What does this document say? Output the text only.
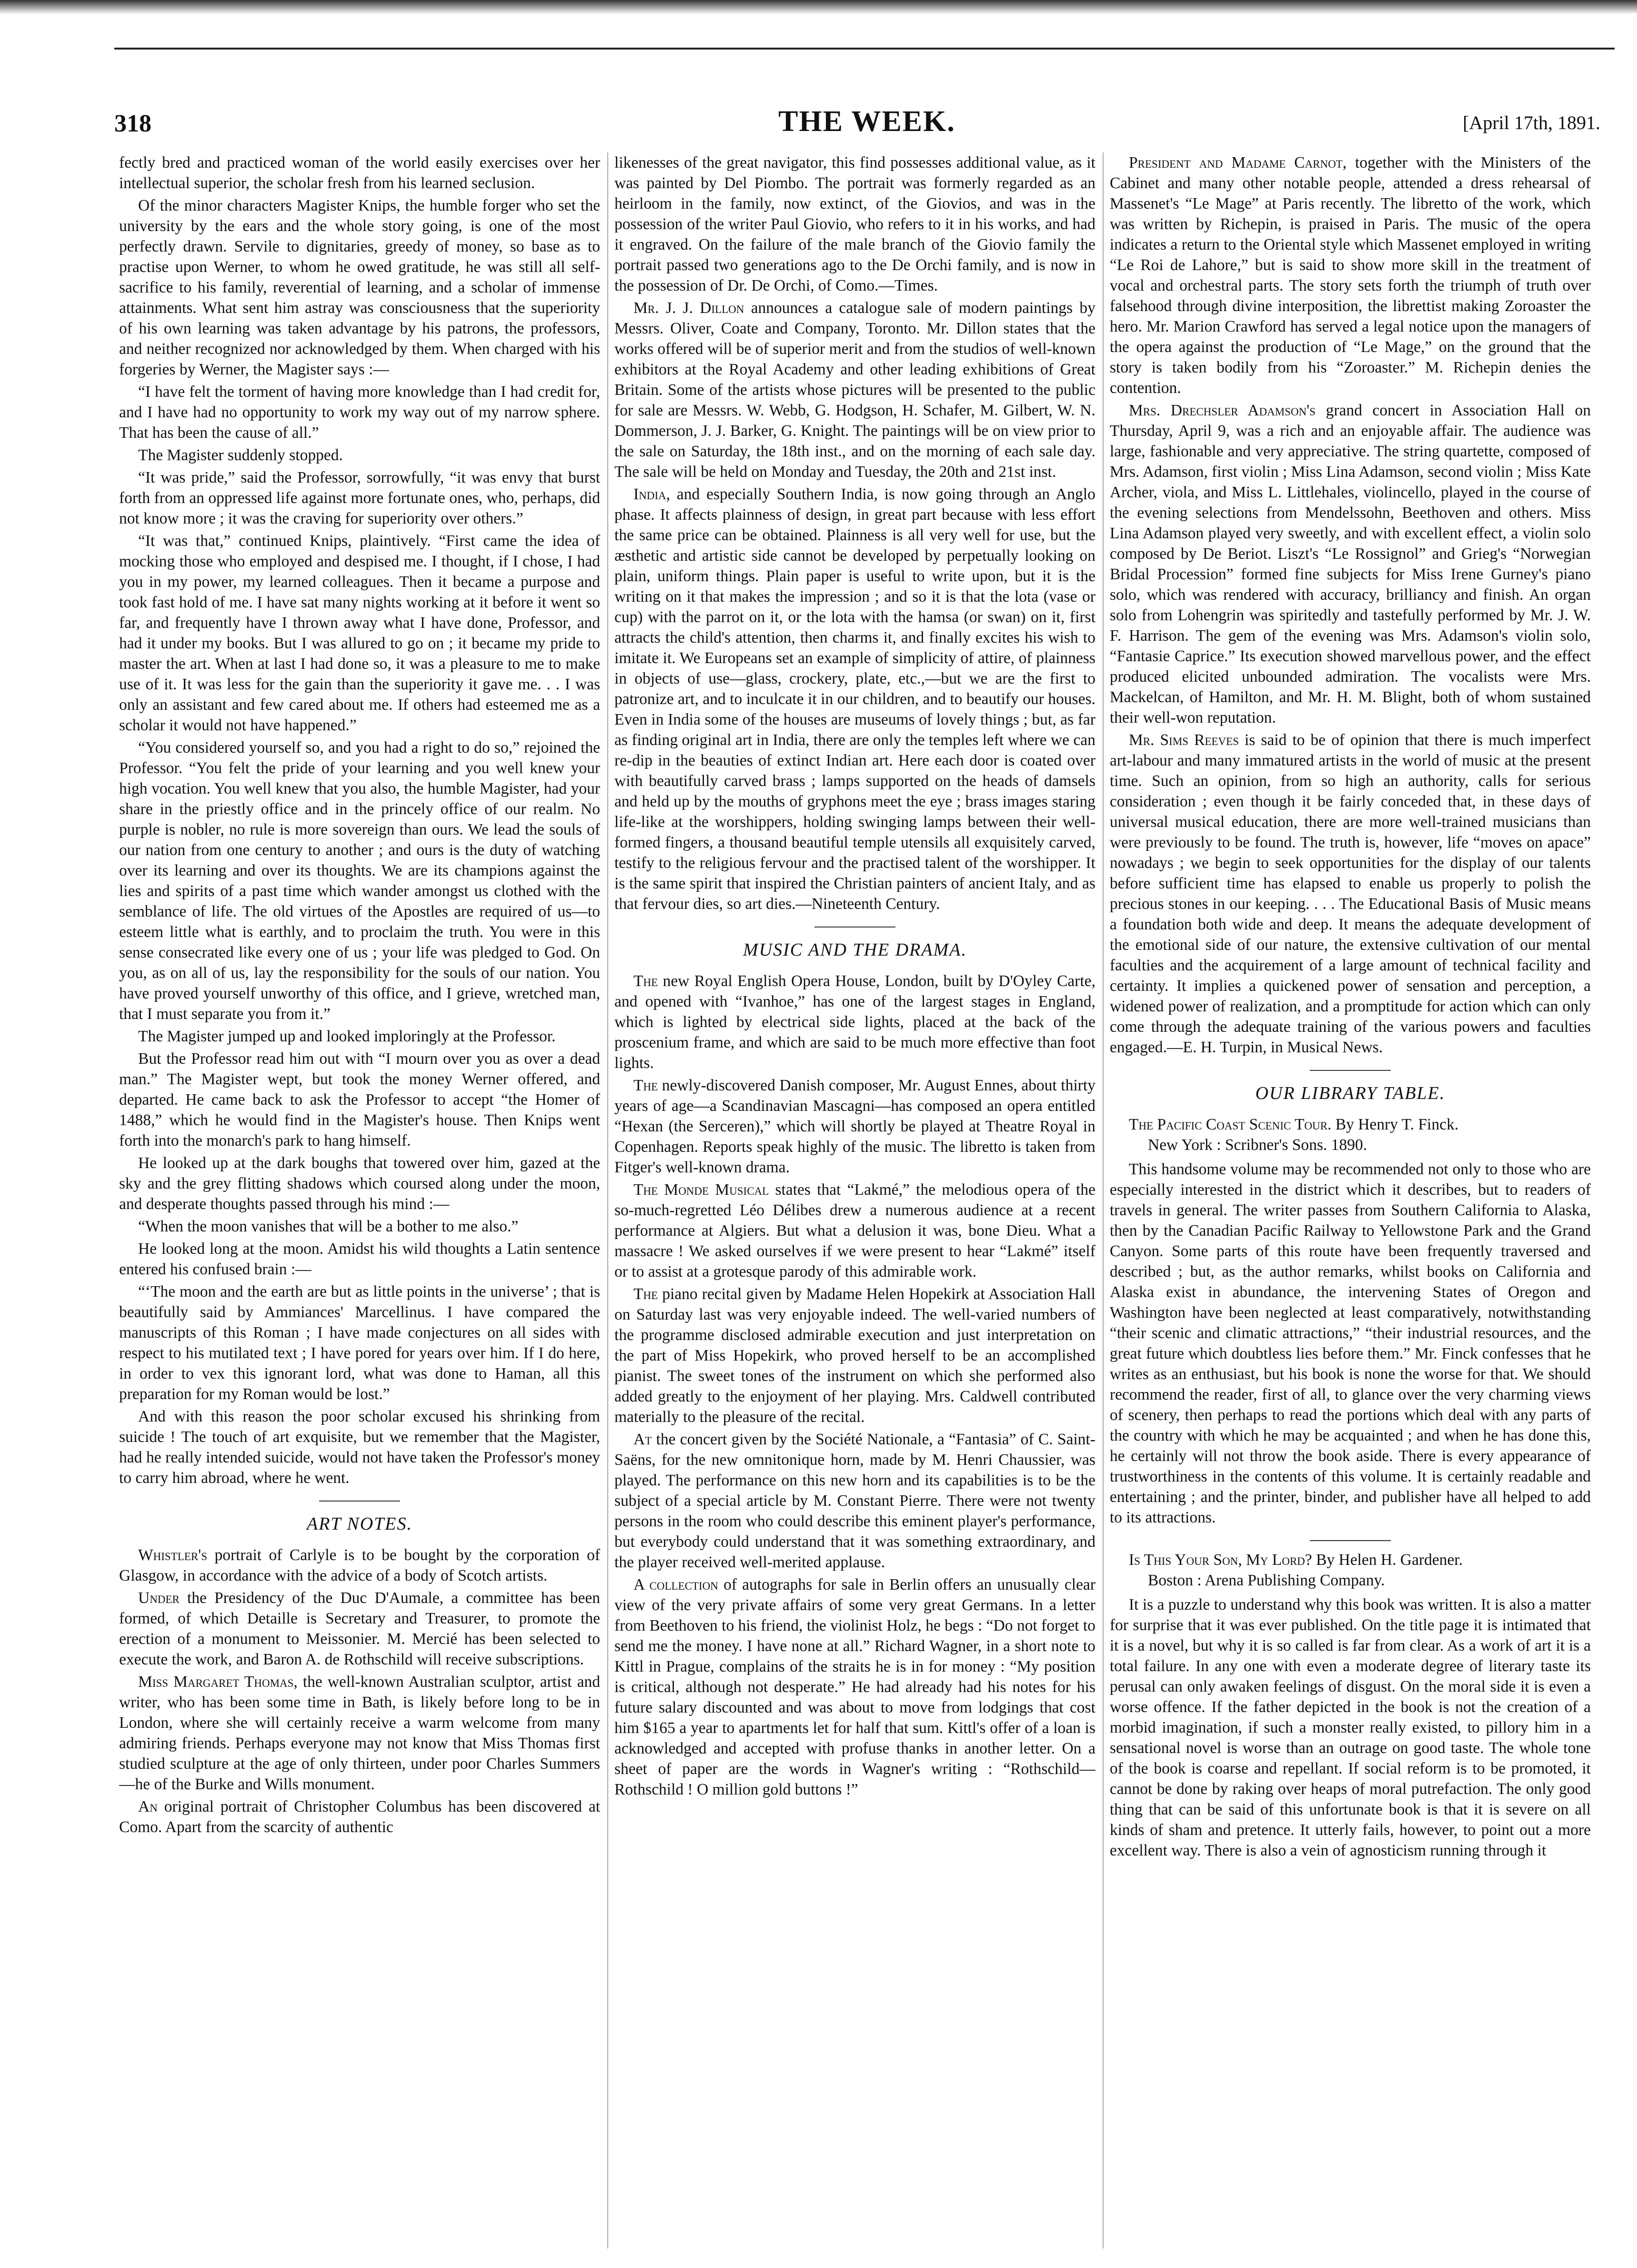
318	THE WEEK.	[April 17th, 1891.

fectly bred and practiced woman of the world easily exercises over her intellectual superior, the scholar fresh from his learned seclusion.

Of the minor characters Magister Knips, the humble forger who set the university by the ears and the whole story going, is one of the most perfectly drawn. Servile to dignitaries, greedy of money, so base as to practise upon Werner, to whom he owed gratitude, he was still all self-sacrifice to his family, reverential of learning, and a scholar of immense attainments. What sent him astray was consciousness that the superiority of his own learning was taken advantage by his patrons, the professors, and neither recognized nor acknowledged by them. When charged with his forgeries by Werner, the Magister says :—

“I have felt the torment of having more knowledge than I had credit for, and I have had no opportunity to work my way out of my narrow sphere. That has been the cause of all.”

The Magister suddenly stopped.

“It was pride,” said the Professor, sorrowfully, “it was envy that burst forth from an oppressed life against more fortunate ones, who, perhaps, did not know more ; it was the craving for superiority over others.”

“It was that,” continued Knips, plaintively. “First came the idea of mocking those who employed and despised me. I thought, if I chose, I had you in my power, my learned colleagues. Then it became a purpose and took fast hold of me. I have sat many nights working at it before it went so far, and frequently have I thrown away what I have done, Professor, and had it under my books. But I was allured to go on ; it became my pride to master the art. When at last I had done so, it was a pleasure to me to make use of it. It was less for the gain than the superiority it gave me. . . I was only an assistant and few cared about me. If others had esteemed me as a scholar it would not have happened.”

“You considered yourself so, and you had a right to do so,” rejoined the Professor. “You felt the pride of your learning and you well knew your high vocation. You well knew that you also, the humble Magister, had your share in the priestly office and in the princely office of our realm. No purple is nobler, no rule is more sovereign than ours. We lead the souls of our nation from one century to another ; and ours is the duty of watching over its learning and over its thoughts. We are its champions against the lies and spirits of a past time which wander amongst us clothed with the semblance of life. The old virtues of the Apostles are required of us—to esteem little what is earthly, and to proclaim the truth. You were in this sense consecrated like every one of us ; your life was pledged to God. On you, as on all of us, lay the responsibility for the souls of our nation. You have proved yourself unworthy of this office, and I grieve, wretched man, that I must separate you from it.”

The Magister jumped up and looked imploringly at the Professor.

But the Professor read him out with “I mourn over you as over a dead man.” The Magister wept, but took the money Werner offered, and departed. He came back to ask the Professor to accept “the Homer of 1488,” which he would find in the Magister's house. Then Knips went forth into the monarch's park to hang himself.

He looked up at the dark boughs that towered over him, gazed at the sky and the grey flitting shadows which coursed along under the moon, and desperate thoughts passed through his mind :—

“When the moon vanishes that will be a bother to me also.”

He looked long at the moon. Amidst his wild thoughts a Latin sentence entered his confused brain :—

“‘The moon and the earth are but as little points in the universe’ ; that is beautifully said by Ammiances' Marcellinus. I have compared the manuscripts of this Roman ; I have made conjectures on all sides with respect to his mutilated text ; I have pored for years over him. If I do here, in order to vex this ignorant lord, what was done to Haman, all this preparation for my Roman would be lost.”

And with this reason the poor scholar excused his shrinking from suicide ! The touch of art exquisite, but we remember that the Magister, had he really intended suicide, would not have taken the Professor's money to carry him abroad, where he went.

ART NOTES.

Whistler's portrait of Carlyle is to be bought by the corporation of Glasgow, in accordance with the advice of a body of Scotch artists.

Under the Presidency of the Duc D'Aumale, a committee has been formed, of which Detaille is Secretary and Treasurer, to promote the erection of a monument to Meissonier. M. Mercié has been selected to execute the work, and Baron A. de Rothschild will receive subscriptions.

Miss Margaret Thomas, the well-known Australian sculptor, artist and writer, who has been some time in Bath, is likely before long to be in London, where she will certainly receive a warm welcome from many admiring friends. Perhaps everyone may not know that Miss Thomas first studied sculpture at the age of only thirteen, under poor Charles Summers—he of the Burke and Wills monument.

An original portrait of Christopher Columbus has been discovered at Como. Apart from the scarcity of authentic

likenesses of the great navigator, this find possesses additional value, as it was painted by Del Piombo. The portrait was formerly regarded as an heirloom in the family, now extinct, of the Giovios, and was in the possession of the writer Paul Giovio, who refers to it in his works, and had it engraved. On the failure of the male branch of the Giovio family the portrait passed two generations ago to the De Orchi family, and is now in the possession of Dr. De Orchi, of Como.—Times.

Mr. J. J. Dillon announces a catalogue sale of modern paintings by Messrs. Oliver, Coate and Company, Toronto. Mr. Dillon states that the works offered will be of superior merit and from the studios of well-known exhibitors at the Royal Academy and other leading exhibitions of Great Britain. Some of the artists whose pictures will be presented to the public for sale are Messrs. W. Webb, G. Hodgson, H. Schafer, M. Gilbert, W. N. Dommerson, J. J. Barker, G. Knight. The paintings will be on view prior to the sale on Saturday, the 18th inst., and on the morning of each sale day. The sale will be held on Monday and Tuesday, the 20th and 21st inst.

India, and especially Southern India, is now going through an Anglo phase. It affects plainness of design, in great part because with less effort the same price can be obtained. Plainness is all very well for use, but the æsthetic and artistic side cannot be developed by perpetually looking on plain, uniform things. Plain paper is useful to write upon, but it is the writing on it that makes the impression ; and so it is that the lota (vase or cup) with the parrot on it, or the lota with the hamsa (or swan) on it, first attracts the child's attention, then charms it, and finally excites his wish to imitate it. We Europeans set an example of simplicity of attire, of plainness in objects of use—glass, crockery, plate, etc.,—but we are the first to patronize art, and to inculcate it in our children, and to beautify our houses. Even in India some of the houses are museums of lovely things ; but, as far as finding original art in India, there are only the temples left where we can re-dip in the beauties of extinct Indian art. Here each door is coated over with beautifully carved brass ; lamps supported on the heads of damsels and held up by the mouths of gryphons meet the eye ; brass images staring life-like at the worshippers, holding swinging lamps between their well-formed fingers, a thousand beautiful temple utensils all exquisitely carved, testify to the religious fervour and the practised talent of the worshipper. It is the same spirit that inspired the Christian painters of ancient Italy, and as that fervour dies, so art dies.—Nineteenth Century.

MUSIC AND THE DRAMA.

The new Royal English Opera House, London, built by D'Oyley Carte, and opened with “Ivanhoe,” has one of the largest stages in England, which is lighted by electrical side lights, placed at the back of the proscenium frame, and which are said to be much more effective than foot lights.

The newly-discovered Danish composer, Mr. August Ennes, about thirty years of age—a Scandinavian Mascagni—has composed an opera entitled “Hexan (the Serceren),” which will shortly be played at Theatre Royal in Copenhagen. Reports speak highly of the music. The libretto is taken from Fitger's well-known drama.

The Monde Musical states that “Lakmé,” the melodious opera of the so-much-regretted Léo Délibes drew a numerous audience at a recent performance at Algiers. But what a delusion it was, bone Dieu. What a massacre ! We asked ourselves if we were present to hear “Lakmé” itself or to assist at a grotesque parody of this admirable work.

The piano recital given by Madame Helen Hopekirk at Association Hall on Saturday last was very enjoyable indeed. The well-varied numbers of the programme disclosed admirable execution and just interpretation on the part of Miss Hopekirk, who proved herself to be an accomplished pianist. The sweet tones of the instrument on which she performed also added greatly to the enjoyment of her playing. Mrs. Caldwell contributed materially to the pleasure of the recital.

At the concert given by the Société Nationale, a “Fantasia” of C. Saint-Saëns, for the new omnitonique horn, made by M. Henri Chaussier, was played. The performance on this new horn and its capabilities is to be the subject of a special article by M. Constant Pierre. There were not twenty persons in the room who could describe this eminent player's performance, but everybody could understand that it was something extraordinary, and the player received well-merited applause.

A collection of autographs for sale in Berlin offers an unusually clear view of the very private affairs of some very great Germans. In a letter from Beethoven to his friend, the violinist Holz, he begs : “Do not forget to send me the money. I have none at all.” Richard Wagner, in a short note to Kittl in Prague, complains of the straits he is in for money : “My position is critical, although not desperate.” He had already had his notes for his future salary discounted and was about to move from lodgings that cost him $165 a year to apartments let for half that sum. Kittl's offer of a loan is acknowledged and accepted with profuse thanks in another letter. On a sheet of paper are the words in Wagner's writing : “Rothschild—Rothschild ! O million gold buttons !”

President and Madame Carnot, together with the Ministers of the Cabinet and many other notable people, attended a dress rehearsal of Massenet's “Le Mage” at Paris recently. The libretto of the work, which was written by Richepin, is praised in Paris. The music of the opera indicates a return to the Oriental style which Massenet employed in writing “Le Roi de Lahore,” but is said to show more skill in the treatment of vocal and orchestral parts. The story sets forth the triumph of truth over falsehood through divine interposition, the librettist making Zoroaster the hero. Mr. Marion Crawford has served a legal notice upon the managers of the opera against the production of “Le Mage,” on the ground that the story is taken bodily from his “Zoroaster.” M. Richepin denies the contention.

Mrs. Drechsler Adamson's grand concert in Association Hall on Thursday, April 9, was a rich and an enjoyable affair. The audience was large, fashionable and very appreciative. The string quartette, composed of Mrs. Adamson, first violin ; Miss Lina Adamson, second violin ; Miss Kate Archer, viola, and Miss L. Littlehales, violincello, played in the course of the evening selections from Mendelssohn, Beethoven and others. Miss Lina Adamson played very sweetly, and with excellent effect, a violin solo composed by De Beriot. Liszt's “Le Rossignol” and Grieg's “Norwegian Bridal Procession” formed fine subjects for Miss Irene Gurney's piano solo, which was rendered with accuracy, brilliancy and finish. An organ solo from Lohengrin was spiritedly and tastefully performed by Mr. J. W. F. Harrison. The gem of the evening was Mrs. Adamson's violin solo, “Fantasie Caprice.” Its execution showed marvellous power, and the effect produced elicited unbounded admiration. The vocalists were Mrs. Mackelcan, of Hamilton, and Mr. H. M. Blight, both of whom sustained their well-won reputation.

Mr. Sims Reeves is said to be of opinion that there is much imperfect art-labour and many immatured artists in the world of music at the present time. Such an opinion, from so high an authority, calls for serious consideration ; even though it be fairly conceded that, in these days of universal musical education, there are more well-trained musicians than were previously to be found. The truth is, however, life “moves on apace” nowadays ; we begin to seek opportunities for the display of our talents before sufficient time has elapsed to enable us properly to polish the precious stones in our keeping. . . . The Educational Basis of Music means a foundation both wide and deep. It means the adequate development of the emotional side of our nature, the extensive cultivation of our mental faculties and the acquirement of a large amount of technical facility and certainty. It implies a quickened power of sensation and perception, a widened power of realization, and a promptitude for action which can only come through the adequate training of the various powers and faculties engaged.—E. H. Turpin, in Musical News.

OUR LIBRARY TABLE.

The Pacific Coast Scenic Tour. By Henry T. Finck.
New York : Scribner's Sons. 1890.

This handsome volume may be recommended not only to those who are especially interested in the district which it describes, but to readers of travels in general. The writer passes from Southern California to Alaska, then by the Canadian Pacific Railway to Yellowstone Park and the Grand Canyon. Some parts of this route have been frequently traversed and described ; but, as the author remarks, whilst books on California and Alaska exist in abundance, the intervening States of Oregon and Washington have been neglected at least comparatively, notwithstanding “their scenic and climatic attractions,” “their industrial resources, and the great future which doubtless lies before them.” Mr. Finck confesses that he writes as an enthusiast, but his book is none the worse for that. We should recommend the reader, first of all, to glance over the very charming views of scenery, then perhaps to read the portions which deal with any parts of the country with which he may be acquainted ; and when he has done this, he certainly will not throw the book aside. There is every appearance of trustworthiness in the contents of this volume. It is certainly readable and entertaining ; and the printer, binder, and publisher have all helped to add to its attractions.

Is This Your Son, My Lord? By Helen H. Gardener.
Boston : Arena Publishing Company.

It is a puzzle to understand why this book was written. It is also a matter for surprise that it was ever published. On the title page it is intimated that it is a novel, but why it is so called is far from clear. As a work of art it is a total failure. In any one with even a moderate degree of literary taste its perusal can only awaken feelings of disgust. On the moral side it is even a worse offence. If the father depicted in the book is not the creation of a morbid imagination, if such a monster really existed, to pillory him in a sensational novel is worse than an outrage on good taste. The whole tone of the book is coarse and repellant. If social reform is to be promoted, it cannot be done by raking over heaps of moral putrefaction. The only good thing that can be said of this unfortunate book is that it is severe on all kinds of sham and pretence. It utterly fails, however, to point out a more excellent way. There is also a vein of agnosticism running through it
